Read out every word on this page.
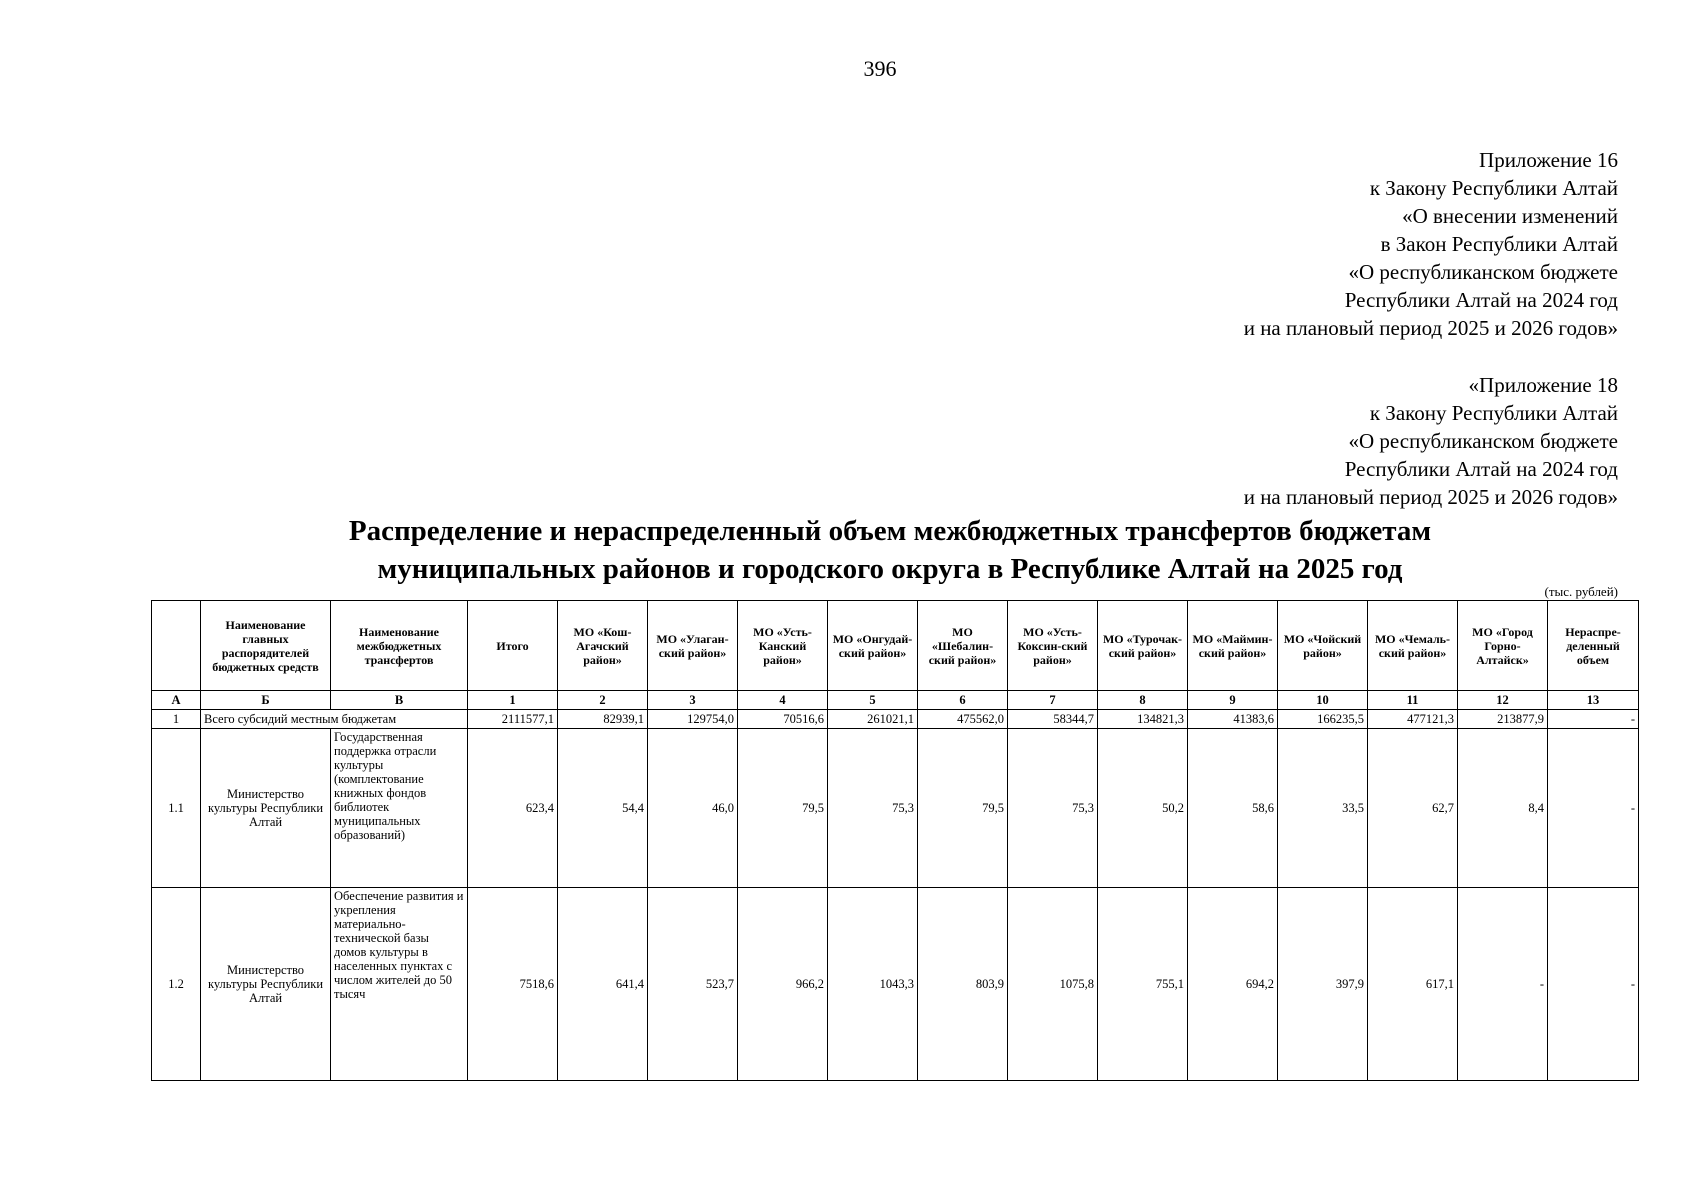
396
Приложение 16
к Закону Республики Алтай
«О внесении изменений
в Закон Республики Алтай
«О республиканском бюджете
Республики Алтай на 2024 год
и на плановый период 2025 и 2026 годов»
«Приложение 18
к Закону Республики Алтай
«О республиканском бюджете
Республики Алтай на 2024 год
и на плановый период 2025 и 2026 годов»
Распределение и нераспределенный объем межбюджетных трансфертов бюджетам
муниципальных районов и городского округа в Республике Алтай на 2025 год
(тыс. рублей)
	Наименование главных распорядителей бюджетных средств	Наименование межбюджетных трансфертов	Итого	МО «Кош-Агачский район»	МО «Улаган-ский район»	МО «Усть-Канский район»	МО «Онгудай-ский район»	МО «Шебалин-ский район»	МО «Усть-Коксин-ский район»	МО «Турочак-ский район»	МО «Маймин-ский район»	МО «Чойский район»	МО «Чемаль-ский район»	МО «Город Горно-Алтайск»	Нераспре-деленный объем
А	Б	В	1	2	3	4	5	6	7	8	9	10	11	12	13
1	Всего субсидий местным бюджетам		2111577,1	82939,1	129754,0	70516,6	261021,1	475562,0	58344,7	134821,3	41383,6	166235,5	477121,3	213877,9	-
1.1	Министерство культуры Республики Алтай	Государственная поддержка отрасли культуры (комплектование книжных фондов библиотек муниципальных образований)	623,4	54,4	46,0	79,5	75,3	79,5	75,3	50,2	58,6	33,5	62,7	8,4	-
1.2	Министерство культуры Республики Алтай	Обеспечение развития и укрепления материально-технической базы домов культуры в населенных пунктах с числом жителей до 50 тысяч	7518,6	641,4	523,7	966,2	1043,3	803,9	1075,8	755,1	694,2	397,9	617,1	-	-
